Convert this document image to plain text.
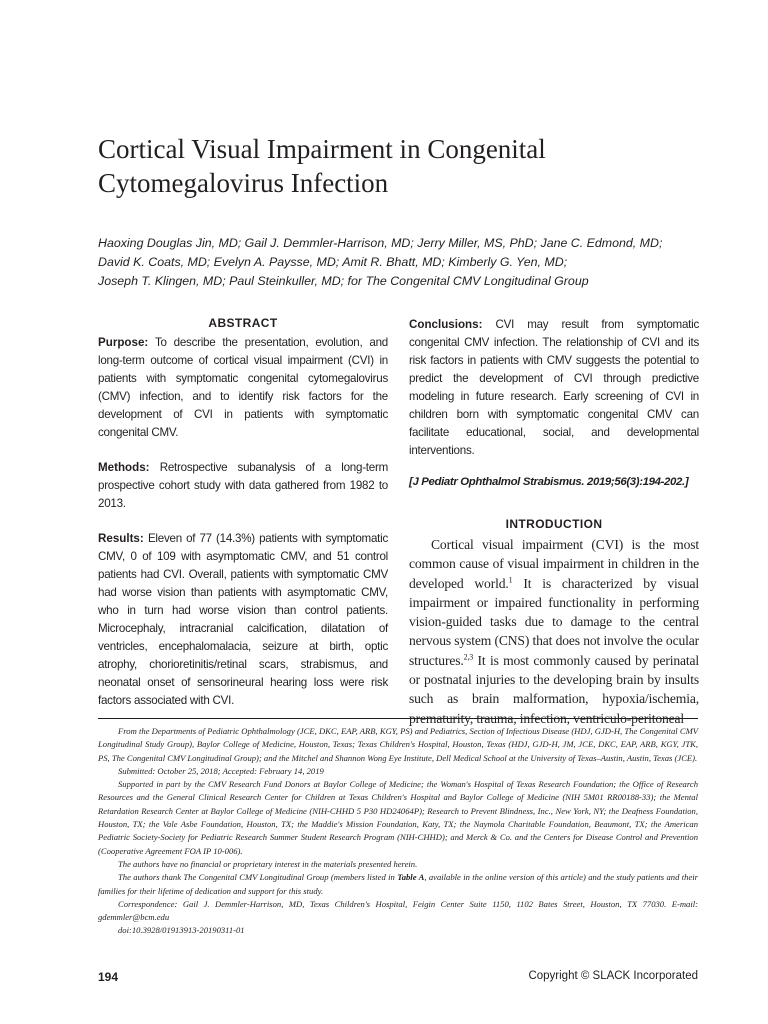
Cortical Visual Impairment in Congenital
Cytomegalovirus Infection
Haoxing Douglas Jin, MD; Gail J. Demmler-Harrison, MD; Jerry Miller, MS, PhD; Jane C. Edmond, MD;
David K. Coats, MD; Evelyn A. Paysse, MD; Amit R. Bhatt, MD; Kimberly G. Yen, MD;
Joseph T. Klingen, MD; Paul Steinkuller, MD; for The Congenital CMV Longitudinal Group
ABSTRACT

Purpose: To describe the presentation, evolution, and long-term outcome of cortical visual impairment (CVI) in patients with symptomatic congenital cytomegalovirus (CMV) infection, and to identify risk factors for the development of CVI in patients with symptomatic congenital CMV.

Methods: Retrospective subanalysis of a long-term prospective cohort study with data gathered from 1982 to 2013.

Results: Eleven of 77 (14.3%) patients with symptomatic CMV, 0 of 109 with asymptomatic CMV, and 51 control patients had CVI. Overall, patients with symptomatic CMV had worse vision than patients with asymptomatic CMV, who in turn had worse vision than control patients. Microcephaly, intracranial calcification, dilatation of ventricles, encephalomalacia, seizure at birth, optic atrophy, chorioretinitis/retinal scars, strabismus, and neonatal onset of sensorineural hearing loss were risk factors associated with CVI.

Conclusions: CVI may result from symptomatic congenital CMV infection. The relationship of CVI and its risk factors in patients with CMV suggests the potential to predict the development of CVI through predictive modeling in future research. Early screening of CVI in children born with symptomatic congenital CMV can facilitate educational, social, and developmental interventions.

[J Pediatr Ophthalmol Strabismus. 2019;56(3):194-202.]

INTRODUCTION

Cortical visual impairment (CVI) is the most common cause of visual impairment in children in the developed world.$^1$ It is characterized by visual impairment or impaired functionality in performing vision-guided tasks due to damage to the central nervous system (CNS) that does not involve the ocular structures.$^{2,3}$ It is most commonly caused by perinatal or postnatal injuries to the developing brain by insults such as brain malformation, hypoxia/ischemia, prematurity, trauma, infection, ventriculo-peritoneal

From the Departments of Pediatric Ophthalmology (JCE, DKC, EAP, ARB, KGY, PS) and Pediatrics, Section of Infectious Disease (HDJ, GJD-H, The Congenital CMV Longitudinal Study Group), Baylor College of Medicine, Houston, Texas; Texas Children's Hospital, Houston, Texas (HDJ, GJD-H, JM, JCE, DKC, EAP, ARB, KGY, JTK, PS, The Congenital CMV Longitudinal Group); and the Mitchel and Shannon Wong Eye Institute, Dell Medical School at the University of Texas–Austin, Austin, Texas (JCE).

Submitted: October 25, 2018; Accepted: February 14, 2019

Supported in part by the CMV Research Fund Donors at Baylor College of Medicine; the Woman's Hospital of Texas Research Foundation; the Office of Research Resources and the General Clinical Research Center for Children at Texas Children's Hospital and Baylor College of Medicine (NIH 5M01 RR00188-33); the Mental Retardation Research Center at Baylor College of Medicine (NIH-CHHD 5 P30 HD24064P); Research to Prevent Blindness, Inc., New York, NY; the Deafness Foundation, Houston, TX; the Vale Asbe Foundation, Houston, TX; the Maddie's Mission Foundation, Katy, TX; the Naymola Charitable Foundation, Beaumont, TX; the American Pediatric Society-Society for Pediatric Research Summer Student Research Program (NIH-CHHD); and Merck & Co. and the Centers for Disease Control and Prevention (Cooperative Agreement FOA IP 10-006).

The authors have no financial or proprietary interest in the materials presented herein.

The authors thank The Congenital CMV Longitudinal Group (members listed in Table A, available in the online version of this article) and the study patients and their families for their lifetime of dedication and support for this study.

Correspondence: Gail J. Demmler-Harrison, MD, Texas Children's Hospital, Feigin Center Suite 1150, 1102 Bates Street, Houston, TX 77030. E-mail: gdemmler@bcm.edu

doi:10.3928/01913913-20190311-01

194	Copyright © SLACK Incorporated
